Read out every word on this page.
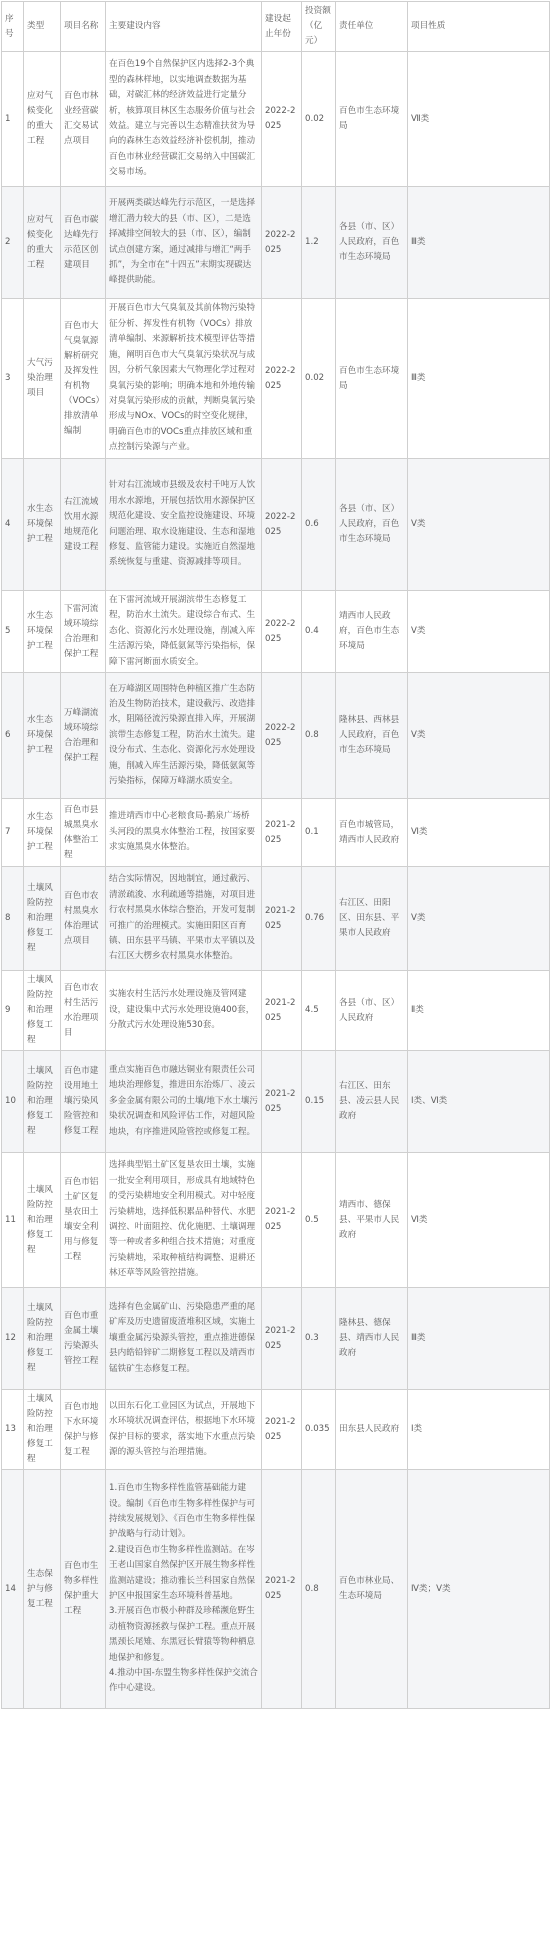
序号	类型	项目名称	主要建设内容	建设起止年份	投资额（亿元）	责任单位	项目性质
1	应对气候变化的重大工程	百色市林业经营碳汇交易试点项目	在百色19个自然保护区内选择2-3个典型的森林样地，以实地调查数据为基础，对碳汇林的经济效益进行定量分析，核算项目林区生态服务价值与社会效益。建立与完善以生态精准扶贫为导向的森林生态效益经济补偿机制，推动百色市林业经营碳汇交易纳入中国碳汇交易市场。	2022-2025	0.02	百色市生态环境局	Ⅶ类
2	应对气候变化的重大工程	百色市碳达峰先行示范区创建项目	开展两类碳达峰先行示范区，一是选择增汇潜力较大的县（市、区），二是选择减排空间较大的县（市、区），编制试点创建方案，通过减排与增汇“两手抓”，为全市在“十四五”末期实现碳达峰提供助能。	2022-2025	1.2	各县（市、区）人民政府，百色市生态环境局	Ⅲ类
3	大气污染治理项目	百色市大气臭氧源解析研究及挥发性有机物（VOCs）排放清单编制	开展百色市大气臭氧及其前体物污染特征分析、挥发性有机物（VOCs）排放清单编制、来源解析技术模型评估等措施，阐明百色市大气臭氧污染状况与成因，分析气象因素大气物理化学过程对臭氧污染的影响；明确本地和外地传输对臭氧污染形成的贡献，判断臭氧污染形成与NOx、VOCs的时空变化规律，明确百色市的VOCs重点排放区域和重点控制污染源与产业。	2022-2025	0.02	百色市生态环境局	Ⅲ类
4	水生态环境保护工程	右江流域饮用水源地规范化建设工程	针对右江流域市县级及农村千吨万人饮用水水源地，开展包括饮用水源保护区规范化建设、安全监控设施建设、环境问题治理、取水设施建设、生态和湿地修复、监管能力建设。实施近自然湿地系统恢复与重建、资源减排等项目。	2022-2025	0.6	各县（市、区）人民政府，百色市生态环境局	Ⅴ类
5	水生态环境保护工程	下雷河流域环境综合治理和保护工程	在下雷河流域开展湖滨带生态修复工程，防治水土流失。建设综合布式、生态化、资源化污水处理设施，削减入库生活源污染，降低氨氮等污染指标，保障下雷河断面水质安全。	2022-2025	0.4	靖西市人民政府，百色市生态环境局	Ⅴ类
6	水生态环境保护工程	万峰湖流域环境综合治理和保护工程	在万峰湖区周围特色种植区推广生态防治及生物防治技术，建设截污、改造排水，阻隔径流污染源直排入库，开展湖滨带生态修复工程，防治水土流失。建设分布式、生态化、资源化污水处理设施，削减入库生活源污染，降低氨氮等污染指标，保障万峰湖水质安全。	2022-2025	0.8	隆林县、西林县人民政府，百色市生态环境局	Ⅴ类
7	水生态环境保护工程	百色市县城黑臭水体整治工程	推进靖西市中心老粮食局-鹅泉广场桥头河段的黑臭水体整治工程，按国家要求实施黑臭水体整治。	2021-2025	0.1	百色市城管局，靖西市人民政府	Ⅵ类
8	土壤风险防控和治理修复工程	百色市农村黑臭水体治理试点项目	结合实际情况，因地制宜，通过截污、清淤疏浚、水利疏通等措施，对项目进行农村黑臭水体综合整治，开发可复制可推广的治理模式。实施田阳区百育镇、田东县平马镇、平果市太平镇以及右江区大楞乡农村黑臭水体整治。	2021-2025	0.76	右江区、田阳区、田东县、平果市人民政府	Ⅴ类
9	土壤风险防控和治理修复工程	百色市农村生活污水治理项目	实施农村生活污水处理设施及管网建设，建设集中式污水处理设施400套，分散式污水处理设施530套。	2021-2025	4.5	各县（市、区）人民政府	Ⅱ类
10	土壤风险防控和治理修复工程	百色市建设用地土壤污染风险管控和修复工程	重点实施百色市融达铜业有限责任公司地块治理修复，推进田东治炼厂、凌云多金金属有限公司的土壤/地下水土壤污染状况调查和风险评估工作，对超风险地块，有序推进风险管控或修复工程。	2021-2025	0.15	右江区、田东县、凌云县人民政府	Ⅰ类、Ⅵ类
11	土壤风险防控和治理修复工程	百色市铝土矿区复垦农田土壤安全利用与修复工程	选择典型铝土矿区复垦农田土壤，实施一批安全利用项目，形成具有地域特色的受污染耕地安全利用模式。对中轻度污染耕地，选择低积累品种替代、水肥调控、叶面阻控、优化施肥、土壤调理等一种或者多种组合技术措施；对重度污染耕地，采取种植结构调整、退耕还林还草等风险管控措施。	2021-2025	0.5	靖西市、德保县、平果市人民政府	Ⅵ类
12	土壤风险防控和治理修复工程	百色市重金属土壤污染源头管控工程	选择有色金属矿山、污染隐患严重的尾矿库及历史遗留废渣堆积区域，实施土壤重金属污染源头管控，重点推进德保县内皓铅锌矿二期修复工程以及靖西市锰铁矿生态修复工程。	2021-2025	0.3	隆林县、德保县、靖西市人民政府	Ⅲ类
13	土壤风险防控和治理修复工程	百色市地下水环境保护与修复工程	以田东石化工业园区为试点，开展地下水环境状况调查评估，根据地下水环境保护目标的要求，落实地下水重点污染源的源头管控与治理措施。	2021-2025	0.035	田东县人民政府	Ⅰ类
14	生态保护与修复工程	百色市生物多样性保护重大工程	1.百色市生物多样性监管基础能力建设。编制《百色市生物多样性保护与可持续发展规划》、《百色市生物多样性保护战略与行动计划》。
2.建设百色市生物多样性监测站。在岑王老山国家自然保护区开展生物多样性监测站建设；推动雅长兰科国家自然保护区申报国家生态环境科普基地。
3.开展百色市极小种群及珍稀濒危野生动植物资源拯救与保护工程。重点开展黑颈长尾雉、东黑冠长臂猿等物种栖息地保护和修复。
4.推动中国-东盟生物多样性保护交流合作中心建设。	2021-2025	0.8	百色市林业局、生态环境局	Ⅳ类；Ⅴ类
